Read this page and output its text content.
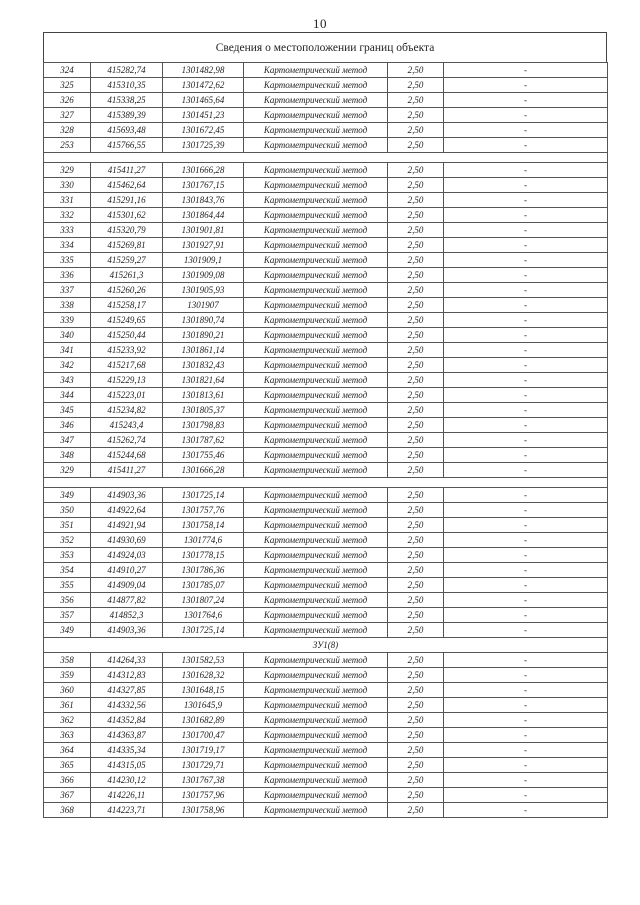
10
Сведения о местоположении границ объекта
324	415282,74	1301482,98	Картометрический метод	2,50	-
325	415310,35	1301472,62	Картометрический метод	2,50	-
326	415338,25	1301465,64	Картометрический метод	2,50	-
327	415389,39	1301451,23	Картометрический метод	2,50	-
328	415693,48	1301672,45	Картометрический метод	2,50	-
253	415766,55	1301725,39	Картометрический метод	2,50	-

329	415411,27	1301666,28	Картометрический метод	2,50	-
330	415462,64	1301767,15	Картометрический метод	2,50	-
331	415291,16	1301843,76	Картометрический метод	2,50	-
332	415301,62	1301864,44	Картометрический метод	2,50	-
333	415320,79	1301901,81	Картометрический метод	2,50	-
334	415269,81	1301927,91	Картометрический метод	2,50	-
335	415259,27	1301909,1	Картометрический метод	2,50	-
336	415261,3	1301909,08	Картометрический метод	2,50	-
337	415260,26	1301905,93	Картометрический метод	2,50	-
338	415258,17	1301907	Картометрический метод	2,50	-
339	415249,65	1301890,74	Картометрический метод	2,50	-
340	415250,44	1301890,21	Картометрический метод	2,50	-
341	415233,92	1301861,14	Картометрический метод	2,50	-
342	415217,68	1301832,43	Картометрический метод	2,50	-
343	415229,13	1301821,64	Картометрический метод	2,50	-
344	415223,01	1301813,61	Картометрический метод	2,50	-
345	415234,82	1301805,37	Картометрический метод	2,50	-
346	415243,4	1301798,83	Картометрический метод	2,50	-
347	415262,74	1301787,62	Картометрический метод	2,50	-
348	415244,68	1301755,46	Картометрический метод	2,50	-
329	415411,27	1301666,28	Картометрический метод	2,50	-

349	414903,36	1301725,14	Картометрический метод	2,50	-
350	414922,64	1301757,76	Картометрический метод	2,50	-
351	414921,94	1301758,14	Картометрический метод	2,50	-
352	414930,69	1301774,6	Картометрический метод	2,50	-
353	414924,03	1301778,15	Картометрический метод	2,50	-
354	414910,27	1301786,36	Картометрический метод	2,50	-
355	414909,04	1301785,07	Картометрический метод	2,50	-
356	414877,82	1301807,24	Картометрический метод	2,50	-
357	414852,3	1301764,6	Картометрический метод	2,50	-
349	414903,36	1301725,14	Картометрический метод	2,50	-
ЗУ1(8)					
358	414264,33	1301582,53	Картометрический метод	2,50	-
359	414312,83	1301628,32	Картометрический метод	2,50	-
360	414327,85	1301648,15	Картометрический метод	2,50	-
361	414332,56	1301645,9	Картометрический метод	2,50	-
362	414352,84	1301682,89	Картометрический метод	2,50	-
363	414363,87	1301700,47	Картометрический метод	2,50	-
364	414335,34	1301719,17	Картометрический метод	2,50	-
365	414315,05	1301729,71	Картометрический метод	2,50	-
366	414230,12	1301767,38	Картометрический метод	2,50	-
367	414226,11	1301757,96	Картометрический метод	2,50	-
368	414223,71	1301758,96	Картометрический метод	2,50	-
